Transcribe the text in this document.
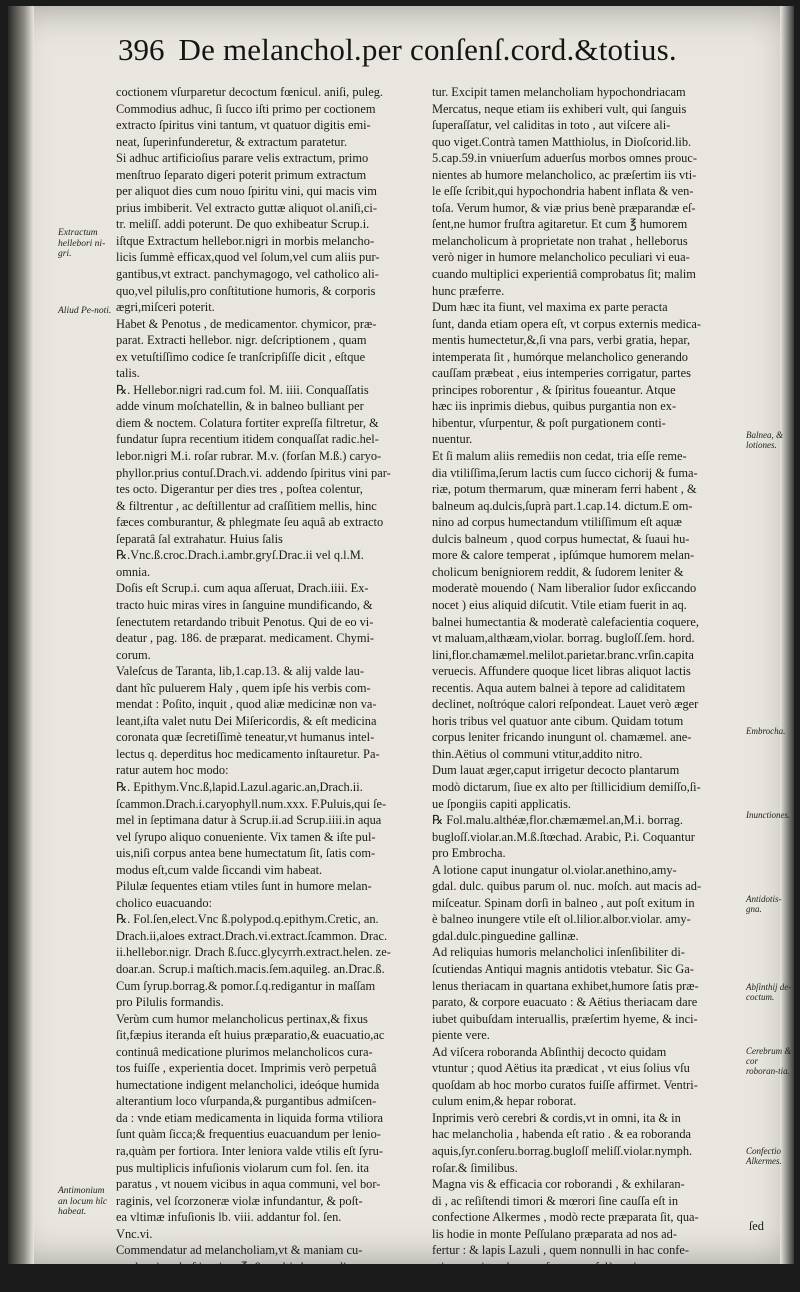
396 De melanchol.per conſenſ.cord.&totius.

coctionem vſurparetur decoctum fœnicul. aniſi, puleg.

Commodius adhuc, ſi ſucco iſti primo per coctionem

extracto ſpiritus vini tantum, vt quatuor digitis emi-

neat, ſuperinfunderetur, & extractum paratetur.

Si adhuc artificioſius parare velis extractum, primo

menſtruo ſeparato digeri poterit primum extractum

per aliquot dies cum nouo ſpiritu vini, qui macis vim

prius imbiberit. Vel extracto guttæ aliquot ol.aniſi,ci-

tr. meliſſ. addi poterunt. De quo exhibeatur Scrup.i.

iſtque Extractum hellebor.nigri in morbis melancho-

licis ſummè efficax,quod vel ſolum,vel cum aliis pur-

gantibus,vt extract. panchymagogo, vel catholico ali-

quo,vel pilulis,pro conſtitutione humoris, & corporis

ægri,miſceri poterit.

Habet & Penotus , de medicamentor. chymicor, præ-

parat. Extracti hellebor. nigr. deſcriptionem , quam

ex vetuſtiſſimo codice ſe tranſcripſiſſe dicit , eſtque

talis.

℞. Hellebor.nigri rad.cum fol. M. iiii. Conquaſſatis

adde vinum moſchatellin, & in balneo bulliant per

diem & noctem. Colatura fortiter expreſſa filtretur, &

fundatur ſupra recentium itidem conquaſſat radic.hel-

lebor.nigri M.i. roſar rubrar. M.v. (forſan M.ß.) caryo-

phyllor.prius contuſ.Drach.vi. addendo ſpiritus vini par-

tes octo. Digerantur per dies tres , poſtea colentur,

& filtrentur , ac deſtillentur ad craſſitiem mellis, hinc

fæces comburantur, & phlegmate ſeu aquâ ab extracto

ſeparatâ ſal extrahatur. Huius ſalis

℞.Vnc.ß.croc.Drach.i.ambr.gryſ.Drac.ii vel q.l.M.

omnia.

Doſis eſt Scrup.i. cum aqua aſſeruat, Drach.iiii. Ex-

tracto huic miras vires in ſanguine mundificando, &

ſenectutem retardando tribuit Penotus. Qui de eo vi-

deatur , pag. 186. de præparat. medicament. Chymi-

corum.

Valeſcus de Taranta, lib,1.cap.13. & alij valde lau-

dant hîc puluerem Haly , quem ipſe his verbis com-

mendat : Poſito, inquit , quod aliæ medicinæ non va-

leant,iſta valet nutu Dei Miſericordis, & eſt medicina

coronata quæ ſecretiſſimè teneatur,vt humanus intel-

lectus q. deperditus hoc medicamento inſtauretur. Pa-

ratur autem hoc modo:

℞. Epithym.Vnc.ß,lapid.Lazul.agaric.an,Drach.ii.

ſcammon.Drach.i.caryophyll.num.xxx. F.Puluis,qui ſe-

mel in ſeptimana datur à Scrup.ii.ad Scrup.iiii.in aqua

vel ſyrupo aliquo conueniente. Vix tamen & iſte pul-

uis,niſi corpus antea bene humectatum ſit, ſatis com-

modus eſt,cum valde ſiccandi vim habeat.

Pilulæ ſequentes etiam vtiles ſunt in humore melan-

cholico euacuando:

℞. Fol.ſen,elect.Vnc ß.polypod.q.epithym.Cretic, an.

Drach.ii,aloes extract.Drach.vi.extract.ſcammon. Drac.

ii.hellebor.nigr. Drach ß.ſucc.glycyrrh.extract.helen. ze-

doar.an. Scrup.i maſtich.macis.ſem.aquileg. an.Drac.ß.

Cum ſyrup.borrag.& pomor.ſ.q.redigantur in maſſam

pro Pilulis formandis.

Verùm cum humor melancholicus pertinax,& fixus

ſit,fæpius iteranda eſt huius præparatio,& euacuatio,ac

continuâ medicatione plurimos melancholicos cura-

tos fuiſſe , experientia docet. Imprimis verò perpetuâ

humectatione indigent melancholici, ideóque humida

alterantium loco vſurpanda,& purgantibus admiſcen-

da : vnde etiam medicamenta in liquida forma vtiliora

ſunt quàm ſicca;& frequentius euacuandum per lenio-

ra,quàm per fortiora. Inter leniora valde vtilis eſt ſyru-

pus multiplicis infuſionis violarum cum fol. ſen. ita

paratus , vt nouem vicibus in aqua communi, vel bor-

raginis, vel ſcorzoneræ violæ infundantur, & poſt-

ea vltimæ infuſionis lb. viii. addantur fol. ſen.

Vnc.vi.

Commendatur ad melancholiam,vt & maniam cu-

randam in robuſtis etiam ℥, & multis hoc medicamen-

tum profuiſſe , è Galeni quoque ſchola Medici teſtan-

tur. Excipit tamen melancholiam hypochondriacam

Mercatus, neque etiam iis exhiberi vult, qui ſanguis

ſuperaſſatur, vel caliditas in toto , aut viſcere ali-

quo viget.Contrà tamen Matthiolus, in Dioſcorid.lib.

5.cap.59.in vniuerſum aduerſus morbos omnes prouc-

nientes ab humore melancholico, ac præſertim iis vti-

le eſſe ſcribit,qui hypochondria habent inflata & ven-

toſa. Verum humor, & viæ prius benè præparandæ eſ-

ſent,ne humor fruſtra agitaretur. Et cum ℥ humorem

melancholicum à proprietate non trahat , helleborus

verò niger in humore melancholico peculiari vi eua-

cuando multiplici experientiâ comprobatus ſit; malim

hunc præferre.

Dum hæc ita fiunt, vel maxima ex parte peracta

ſunt, danda etiam opera eſt, vt corpus externis medica-

mentis humectetur,&,ſi vna pars, verbi gratia, hepar,

intemperata ſit , humórque melancholico generando

cauſſam præbeat , eius intemperies corrigatur, partes

principes roborentur , & ſpiritus foueantur. Atque

hæc iis inprimis diebus, quibus purgantia non ex-

hibentur, vſurpentur, & poſt purgationem conti-

nuentur.

Et ſi malum aliis remediis non cedat, tria eſſe reme-

dia vtiliſſima,ſerum lactis cum ſucco cichorij & fuma-

riæ, potum thermarum, quæ mineram ferri habent , &

balneum aq.dulcis,ſuprà part.1.cap.14. dictum.E om-

nino ad corpus humectandum vtiliſſimum eſt aquæ

dulcis balneum , quod corpus humectat, & ſuaui hu-

more & calore temperat , ipſúmque humorem melan-

cholicum benigniorem reddit, & ſudorem leniter &

moderatè mouendo ( Nam liberalior ſudor exſiccando

nocet ) eius aliquid diſcutit. Vtile etiam fuerit in aq.

balnei humectantia & moderatè calefacientia coquere,

vt maluam,althæam,violar. borrag. bugloſſ.ſem. hord.

lini,flor.chamæmel.melilot.parietar.branc.vrſin.capita

veruecis. Affundere quoque licet libras aliquot lactis

recentis. Aqua autem balnei à tepore ad caliditatem

declinet, noſtróque calori reſpondeat. Lauet verò æger

horis tribus vel quatuor ante cibum. Quidam totum

corpus leniter fricando inungunt ol. chamæmel. ane-

thin.Aëtius ol communi vtitur,addito nitro.

Dum lauat æger,caput irrigetur decocto plantarum

modò dictarum, ſiue ex alto per ſtillicidium demiſſo,ſi-

ue ſpongiis capiti applicatis.

℞ Fol.malu.althéæ,flor.chæmæmel.an,M.i. borrag.

bugloſſ.violar.an.M.ß.ſtœchad. Arabic, P.i. Coquantur

pro Embrocha.

A lotione caput inungatur ol.violar.anethino,amy-

gdal. dulc. quibus parum ol. nuc. moſch. aut macis ad-

miſceatur. Spinam dorſi in balneo , aut poſt exitum in

è balneo inungere vtile eſt ol.lilior.albor.violar. amy-

gdal.dulc.pinguedine gallinæ.

Ad reliquias humoris melancholici inſenſibiliter di-

ſcutiendas Antiqui magnis antidotis vtebatur. Sic Ga-

lenus theriacam in quartana exhibet,humore ſatis præ-

parato, & corpore euacuato : & Aëtius theriacam dare

iubet quibuſdam interuallis, præſertim hyeme, & inci-

piente vere.

Ad viſcera roboranda Abſinthij decocto quidam

vtuntur ; quod Aëtius ita prædicat , vt eius ſolius vſu

quoſdam ab hoc morbo curatos fuiſſe affirmet. Ventri-

culum enim,& hepar roborat.

Inprimis verò cerebri & cordis,vt in omni, ita & in

hac melancholia , habenda eſt ratio . & ea roboranda

aquis,ſyr.conſeru.borrag.bugloſſ meliſſ.violar.nymph.

roſar.& ſimilibus.

Magna vis & efficacia cor roborandi , & exhilaran-

di , ac reſiſtendi timori & mœrori ſine cauſſa eſt in

confectione Alkermes , modò recte præparata ſit, qua-

lis hodie in monte Peſſulano præparata ad nos ad-

fertur : & lapis Lazuli , quem nonnulli in hac confe-

ctione omittendum cenſent , non ſolùm vim pur-

gandi , teſte Auicenna , in libro de viribus cordis,

Extractum hellebori ni-gri.
Aliud Pe-noti.
Antimonium an locum hîc habeat.
Balnea, & lotiones.
Embrocha.
Inunctiones.
Antidotis-gna.
Abſinthij de-coctum.
Cerebrum & cor roboran-tia.
Confectio Alkermes.
ſed
